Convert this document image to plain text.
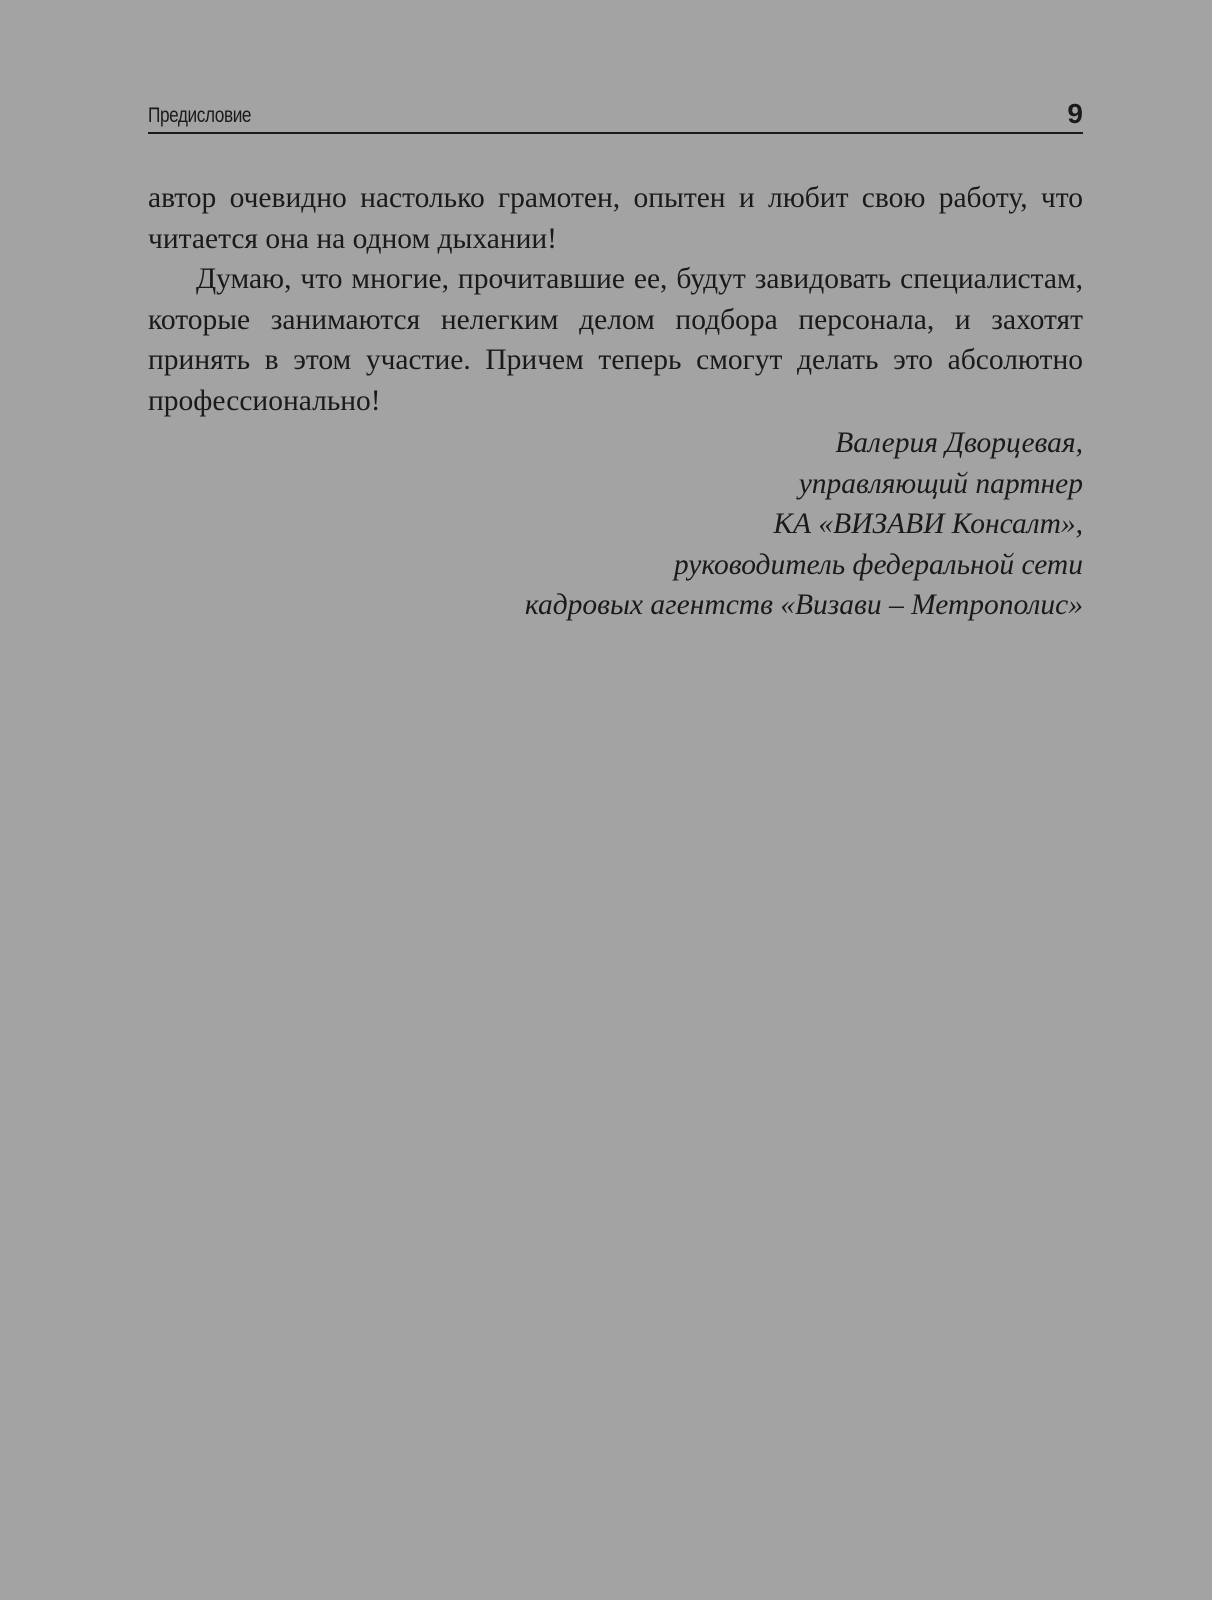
Предисловие	9

автор очевидно настолько грамотен, опытен и любит свою работу, что читается она на одном дыхании!

Думаю, что многие, прочитавшие ее, будут завидовать специалистам, которые занимаются нелегким делом подбора персонала, и захотят принять в этом участие. Причем теперь смогут делать это абсолютно профессионально!

Валерия Дворцевая,
управляющий партнер
КА «ВИЗАВИ Консалт»,
руководитель федеральной сети
кадровых агентств «Визави – Метрополис»
